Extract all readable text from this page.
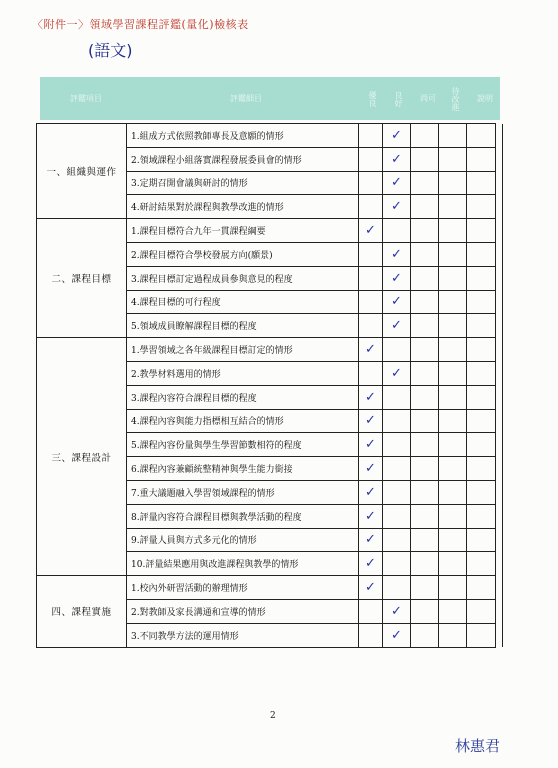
〈附件一〉領域學習課程評鑑(量化)檢核表
(語文)
評鑑項目	評鑑細目	優良	良好	尚可	待改進	說明
一、組織與運作	1.組成方式依照教師專長及意願的情形		✓				
	2.領域課程小組落實課程發展委員會的情形		✓				
	3.定期召開會議與研討的情形		✓				
	4.研討結果對於課程與教學改進的情形		✓				
二、課程目標	1.課程目標符合九年一貫課程綱要	✓					
	2.課程目標符合學校發展方向(願景)		✓				
	3.課程目標訂定過程成員參與意見的程度		✓				
	4.課程目標的可行程度		✓				
	5.領域成員瞭解課程目標的程度		✓				
三、課程設計	1.學習領域之各年級課程目標訂定的情形	✓					
	2.教學材料選用的情形		✓				
	3.課程內容符合課程目標的程度	✓					
	4.課程內容與能力指標相互結合的情形	✓					
	5.課程內容份量與學生學習節數相符的程度	✓					
	6.課程內容兼顧統整精神與學生能力銜接	✓					
	7.重大議題融入學習領域課程的情形	✓					
	8.評量內容符合課程目標與教學活動的程度	✓					
	9.評量人員與方式多元化的情形	✓					
	10.評量結果應用與改進課程與教學的情形	✓					
四、課程實施	1.校內外研習活動的辦理情形	✓					
	2.對教師及家長溝通和宣導的情形		✓				
	3.不同教學方法的運用情形		✓				
2
林惠君
